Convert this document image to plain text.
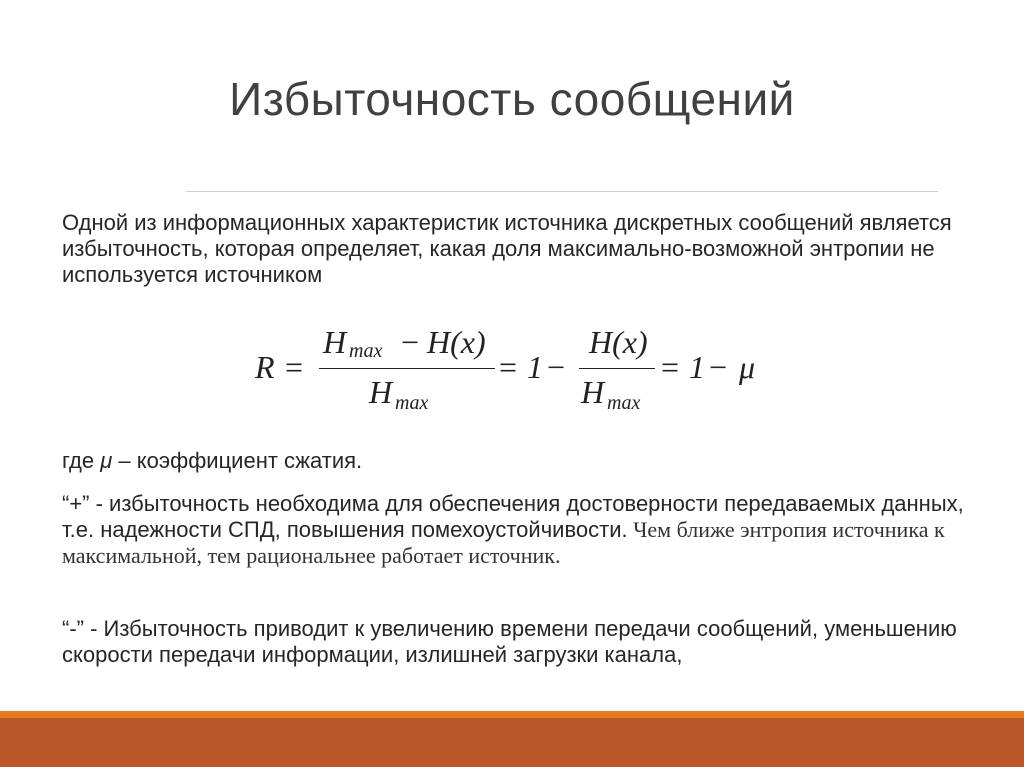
Избыточность сообщений
Одной из информационных характеристик источника дискретных сообщений является избыточность, которая определяет, какая доля максимально-возможной энтропии не используется источником
R =
H max − H(x)
H max
= 1 −
H(x)
H max
= 1 − μ
где μ – коэффициент сжатия.
“+” - избыточность необходима для обеспечения достоверности передаваемых данных, т.е. надежности СПД, повышения помехоустойчивости. Чем ближе энтропия источника к максимальной, тем рациональнее работает источник.
“-” - Избыточность приводит к увеличению времени передачи сообщений, уменьшению скорости передачи информации, излишней загрузки канала,
